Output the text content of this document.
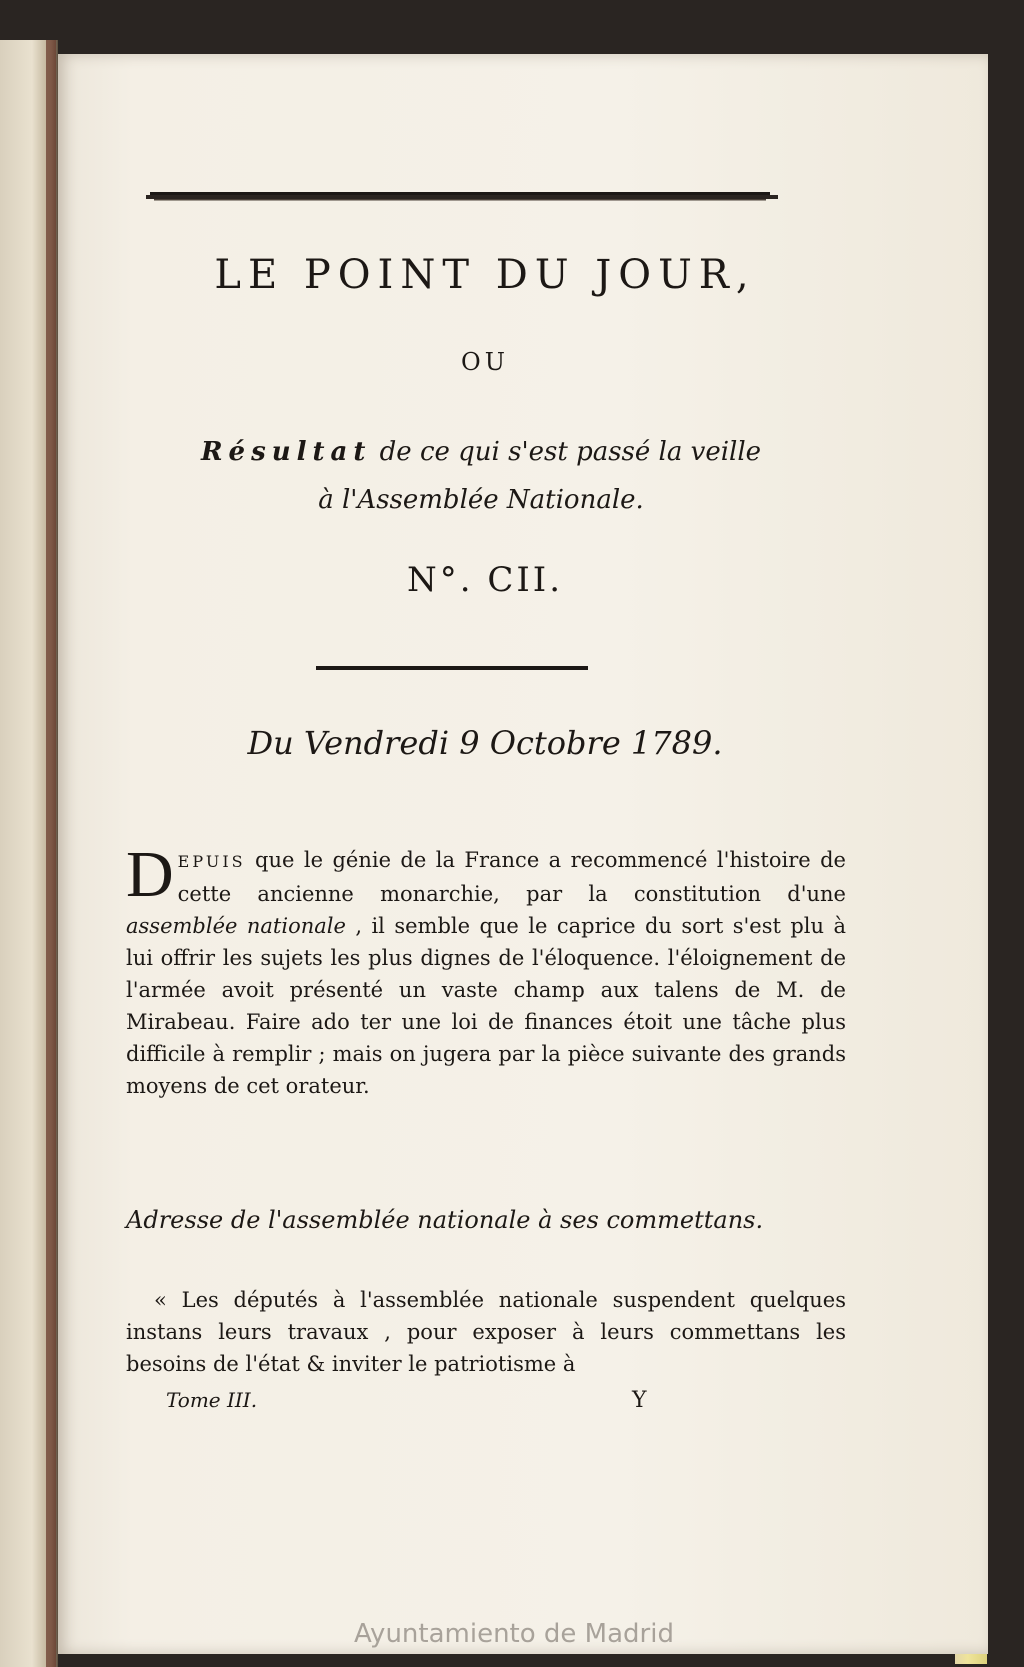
LE POINT DU JOUR,
OU
Résultat de ce qui s'est passé la veille
à l'Assemblée Nationale.
N°. CII.
Du Vendredi 9 Octobre 1789.
DEPUIS que le génie de la France a recommencé l'histoire de cette ancienne monarchie, par la constitution d'une assemblée nationale , il semble que le caprice du sort s'est plu à lui offrir les sujets les plus dignes de l'éloquence. l'éloignement de l'armée avoit présenté un vaste champ aux talens de M. de Mirabeau. Faire ado ter une loi de finances étoit une tâche plus difficile à remplir ; mais on jugera par la pièce suivante des grands moyens de cet orateur.
Adresse de l'assemblée nationale à ses commettans.
« Les députés à l'assemblée nationale suspendent quelques instans leurs travaux , pour exposer à leurs commettans les besoins de l'état & inviter le patriotisme à
Tome III.	Y
Ayuntamiento de Madrid
